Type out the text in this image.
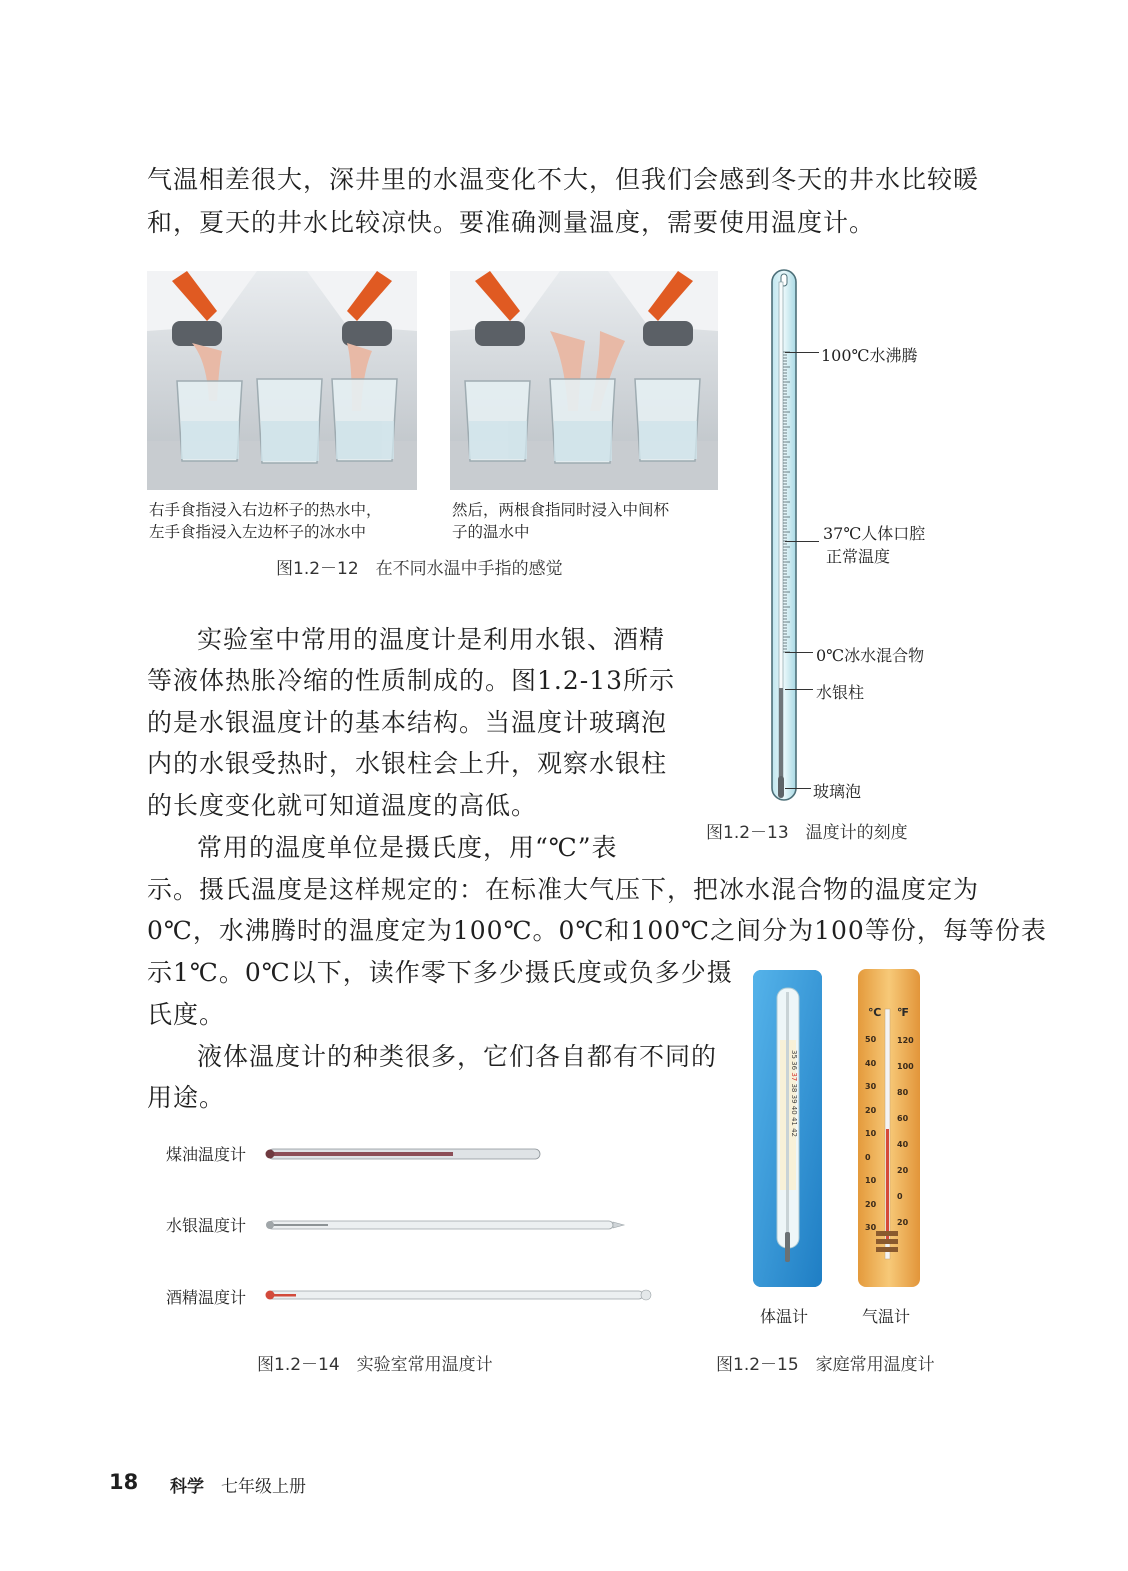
气温相差很大，深井里的水温变化不大，但我们会感到冬天的井水比较暖
和，夏天的井水比较凉快。要准确测量温度，需要使用温度计。
右手食指浸入右边杯子的热水中，
左手食指浸入左边杯子的冰水中
然后，两根食指同时浸入中间杯
子的温水中
图1.2－12　在不同水温中手指的感觉
100℃水沸腾
37℃人体口腔
正常温度
0℃冰水混合物
水银柱
玻璃泡
图1.2－13　温度计的刻度
实验室中常用的温度计是利用水银、酒精
等液体热胀冷缩的性质制成的。图1.2-13所示
的是水银温度计的基本结构。当温度计玻璃泡
内的水银受热时，水银柱会上升，观察水银柱
的长度变化就可知道温度的高低。
常用的温度单位是摄氏度，用“℃”表
示。摄氏温度是这样规定的：在标准大气压下，把冰水混合物的温度定为
0℃，水沸腾时的温度定为100℃。0℃和100℃之间分为100等份，每等份表
示1℃。0℃以下，读作零下多少摄氏度或负多少摄
氏度。
液体温度计的种类很多，它们各自都有不同的
用途。
煤油温度计
水银温度计
酒精温度计
图1.2－14　实验室常用温度计
35 36 37 38 39 40 41 42
℃ ℉
50
40
30
20
10
0
10
20
30
120
100
80
60
40
20
0
20
体温计	气温计
图1.2－15　家庭常用温度计
18 科学 七年级上册
